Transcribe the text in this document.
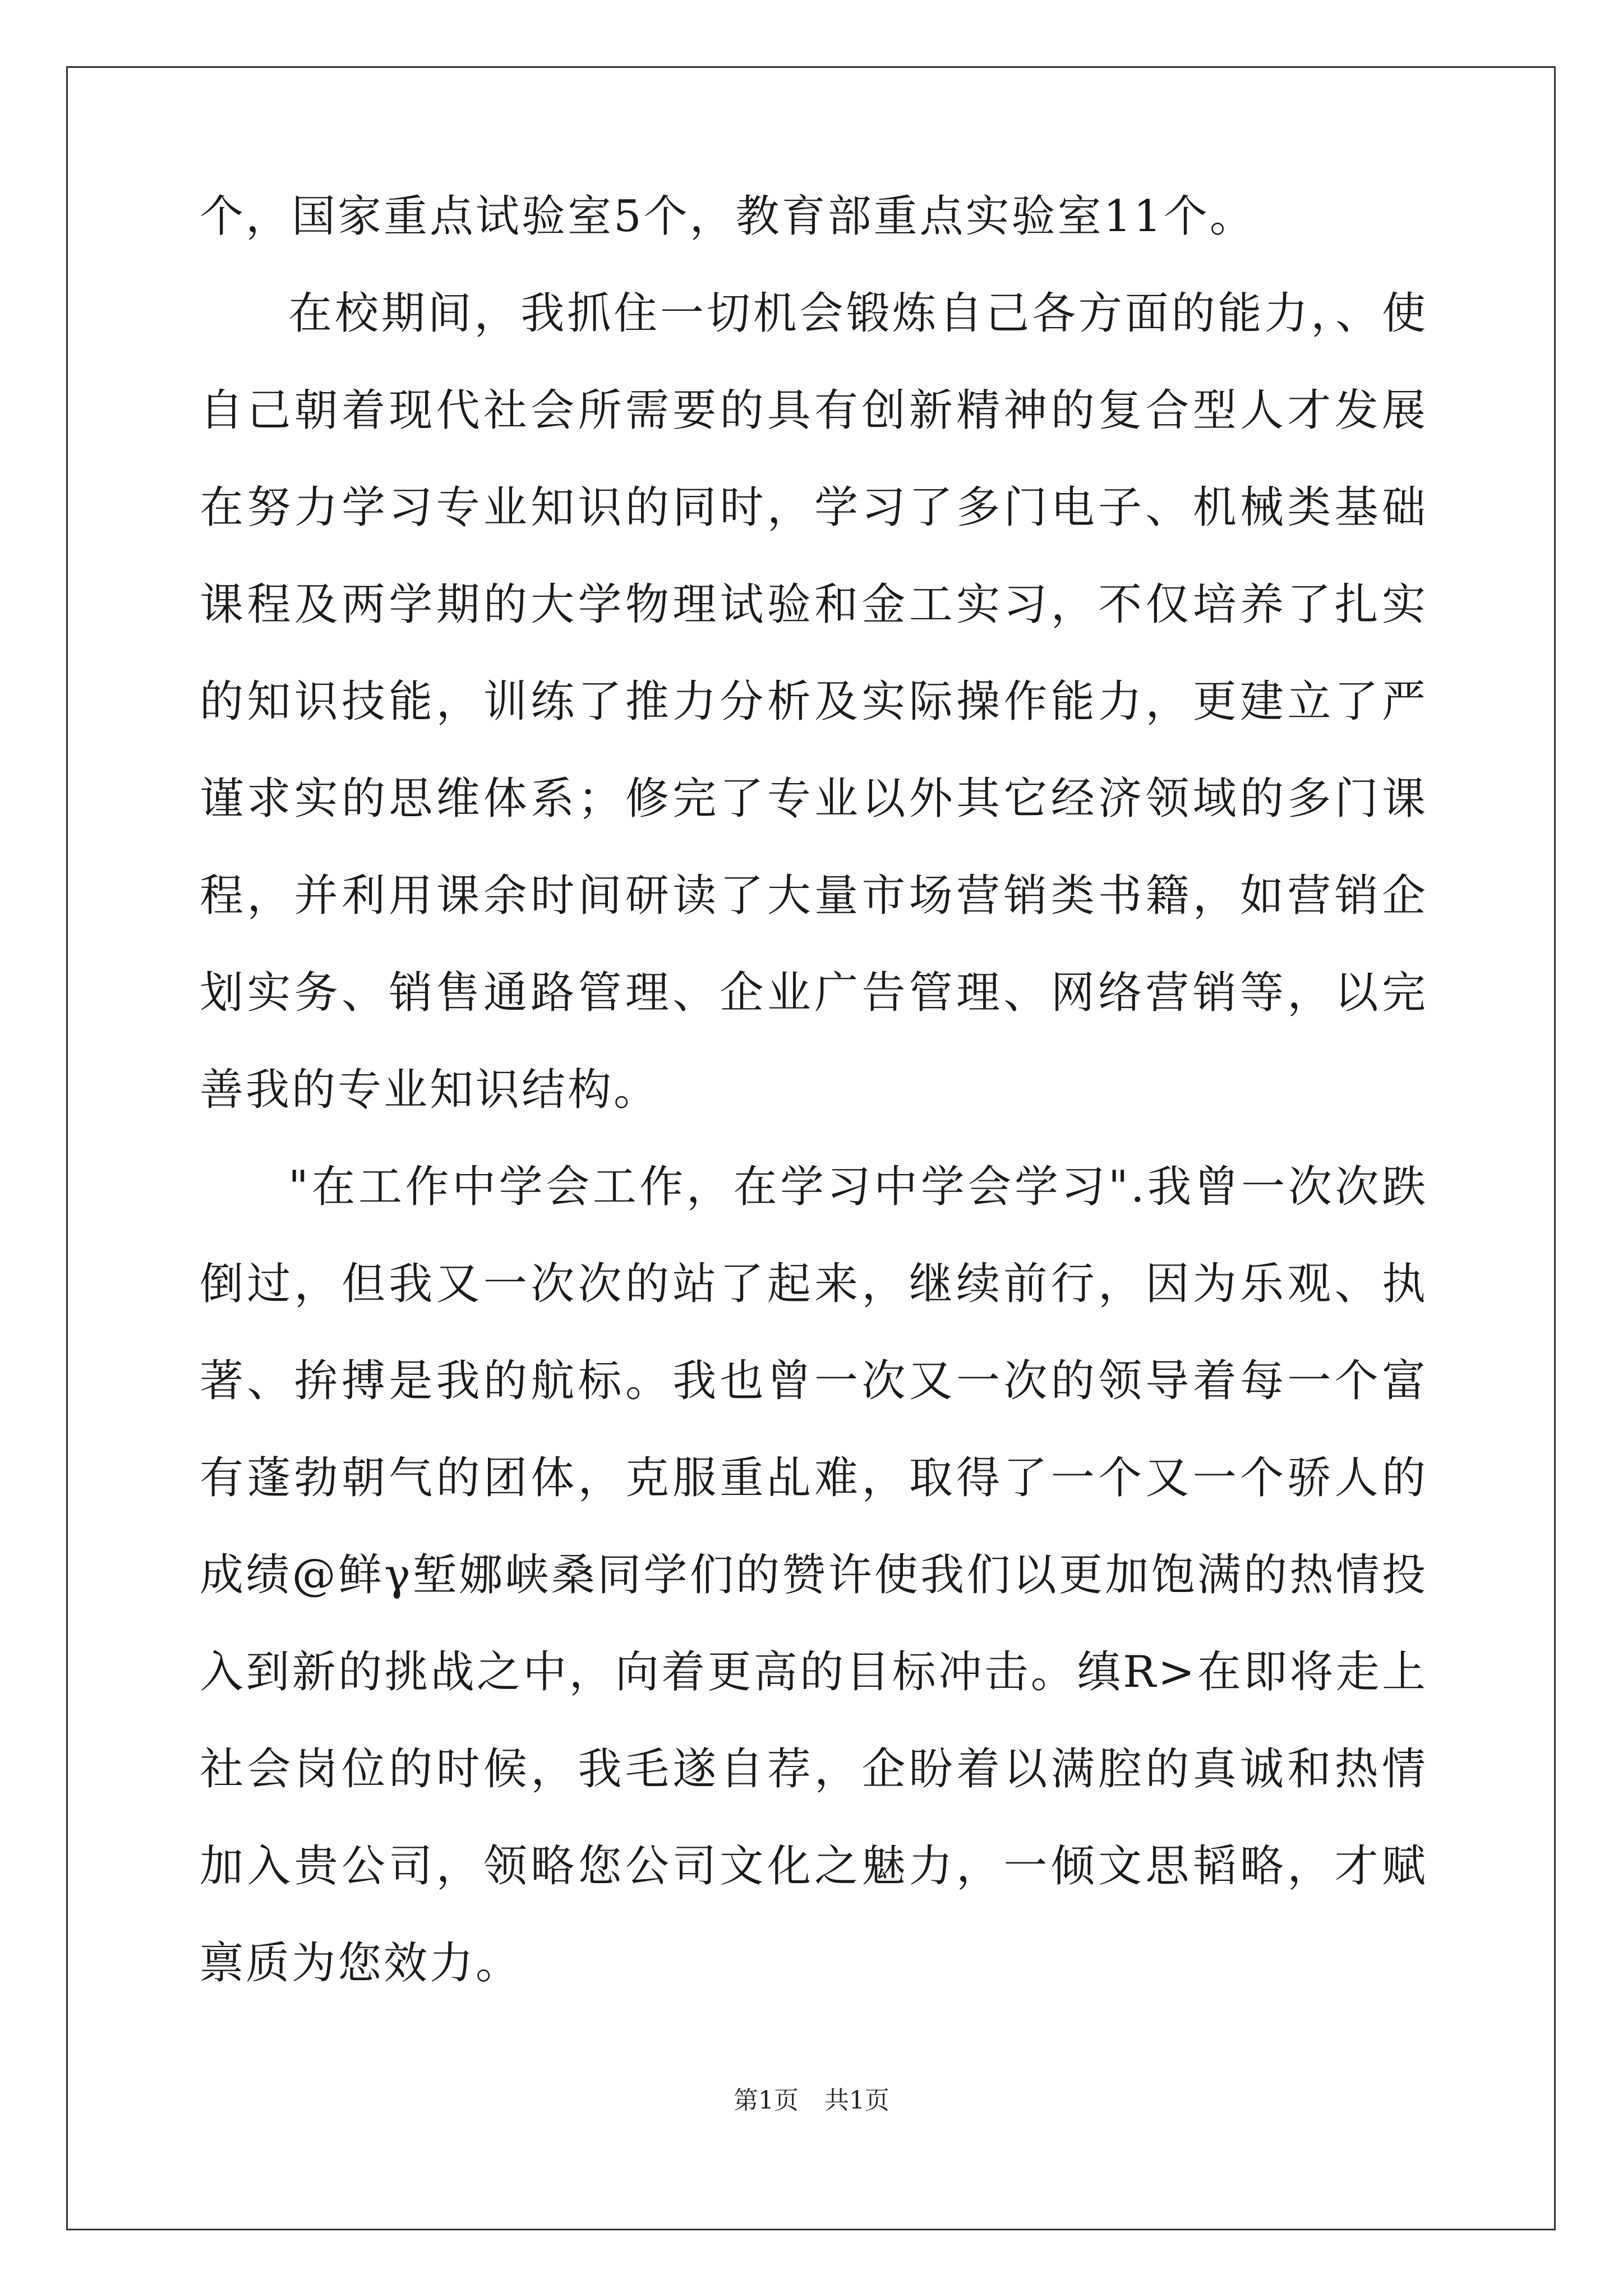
个，国家重点试验室5个，教育部重点实验室11个。

在校期间，我抓住一切机会锻炼自己各方面的能力，、使自己朝着现代社会所需要的具有创新精神的复合型人才发展在努力学习专业知识的同时，学习了多门电子、机械类基础课程及两学期的大学物理试验和金工实习，不仅培养了扎实的知识技能，训练了推力分析及实际操作能力，更建立了严谨求实的思维体系；修完了专业以外其它经济领域的多门课程，并利用课余时间研读了大量市场营销类书籍，如营销企划实务、销售通路管理、企业广告管理、网络营销等，以完善我的专业知识结构。

"在工作中学会工作，在学习中学会学习".我曾一次次跌倒过，但我又一次次的站了起来，继续前行，因为乐观、执著、拚搏是我的航标。我也曾一次又一次的领导着每一个富有蓬勃朝气的团体，克服重乩难，取得了一个又一个骄人的成绩@鲜γ堑娜峡桑同学们的赞许使我们以更加饱满的热情投入到新的挑战之中，向着更高的目标冲击。缜R>在即将走上社会岗位的时候，我毛遂自荐，企盼着以满腔的真诚和热情加入贵公司，领略您公司文化之魅力，一倾文思韬略，才赋禀质为您效力。

第1页 共1页
